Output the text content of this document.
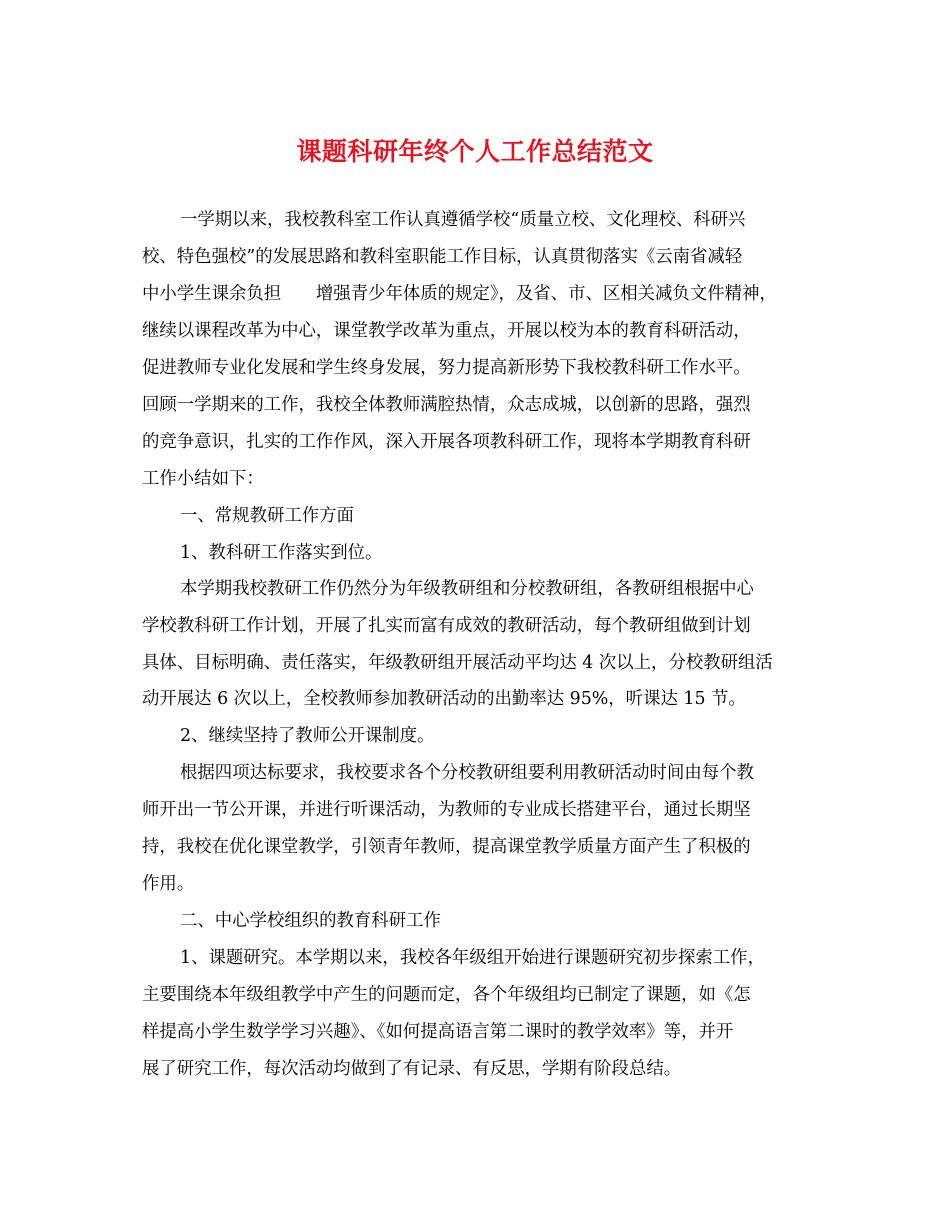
课题科研年终个人工作总结范文
一学期以来，我校教科室工作认真遵循学校“质量立校、文化理校、科研兴
校、特色强校”的发展思路和教科室职能工作目标，认真贯彻落实《云南省减轻
中小学生课余负担　　增强青少年体质的规定》，及省、市、区相关减负文件精神，
继续以课程改革为中心，课堂教学改革为重点，开展以校为本的教育科研活动，
促进教师专业化发展和学生终身发展，努力提高新形势下我校教科研工作水平。
回顾一学期来的工作，我校全体教师满腔热情，众志成城，以创新的思路，强烈
的竞争意识，扎实的工作作风，深入开展各项教科研工作，现将本学期教育科研
工作小结如下：
一、常规教研工作方面
1、教科研工作落实到位。
本学期我校教研工作仍然分为年级教研组和分校教研组，各教研组根据中心
学校教科研工作计划，开展了扎实而富有成效的教研活动，每个教研组做到计划
具体、目标明确、责任落实，年级教研组开展活动平均达 4 次以上，分校教研组活
动开展达 6 次以上，全校教师参加教研活动的出勤率达 95%，听课达 15 节。
2、继续坚持了教师公开课制度。
根据四项达标要求，我校要求各个分校教研组要利用教研活动时间由每个教
师开出一节公开课，并进行听课活动，为教师的专业成长搭建平台，通过长期坚
持，我校在优化课堂教学，引领青年教师，提高课堂教学质量方面产生了积极的
作用。
二、中心学校组织的教育科研工作
1、课题研究。本学期以来，我校各年级组开始进行课题研究初步探索工作，
主要围绕本年级组教学中产生的问题而定，各个年级组均已制定了课题，如《怎
样提高小学生数学学习兴趣》、《如何提高语言第二课时的教学效率》等，并开
展了研究工作，每次活动均做到了有记录、有反思，学期有阶段总结。
